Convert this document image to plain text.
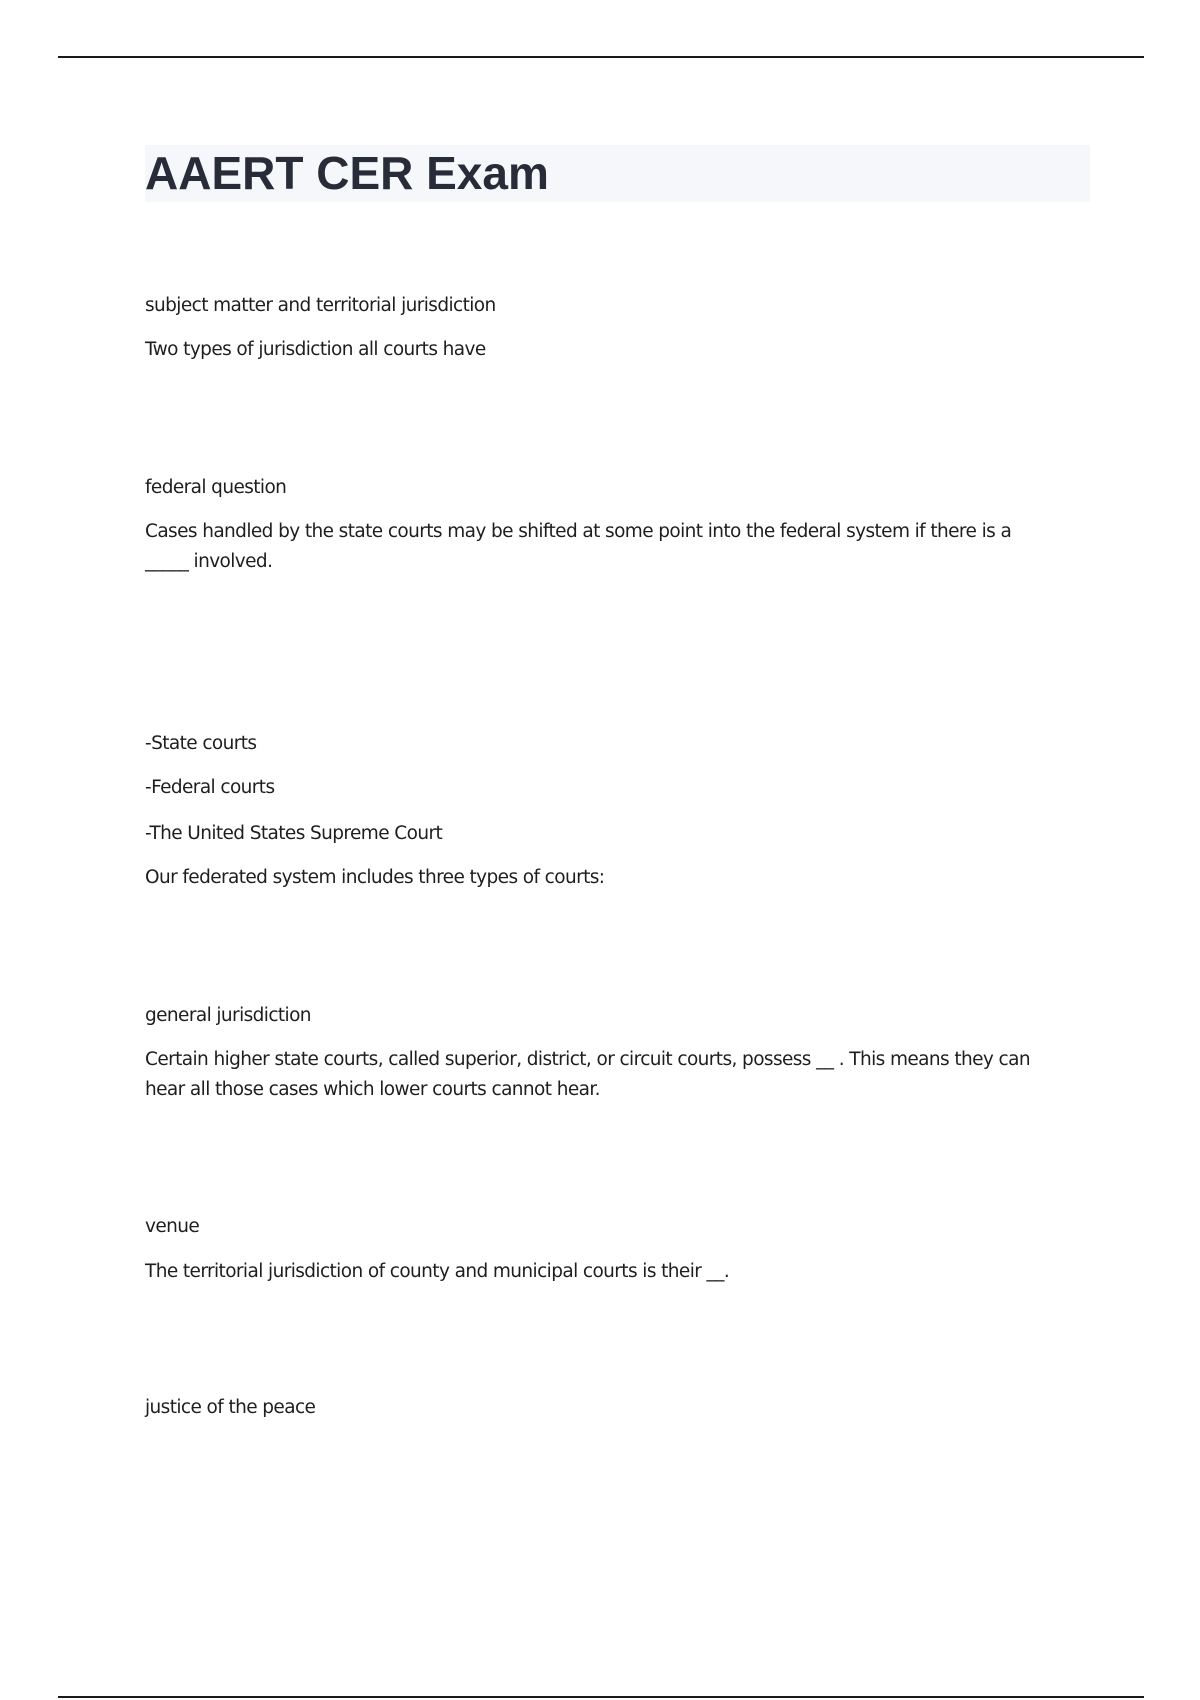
AAERT CER Exam
subject matter and territorial jurisdiction
Two types of jurisdiction all courts have
federal question
Cases handled by the state courts may be shifted at some point into the federal system if there is a
_____ involved.
-State courts
-Federal courts
-The United States Supreme Court
Our federated system includes three types of courts:
general jurisdiction
Certain higher state courts, called superior, district, or circuit courts, possess __ . This means they can
hear all those cases which lower courts cannot hear.
venue
The territorial jurisdiction of county and municipal courts is their __.
justice of the peace
